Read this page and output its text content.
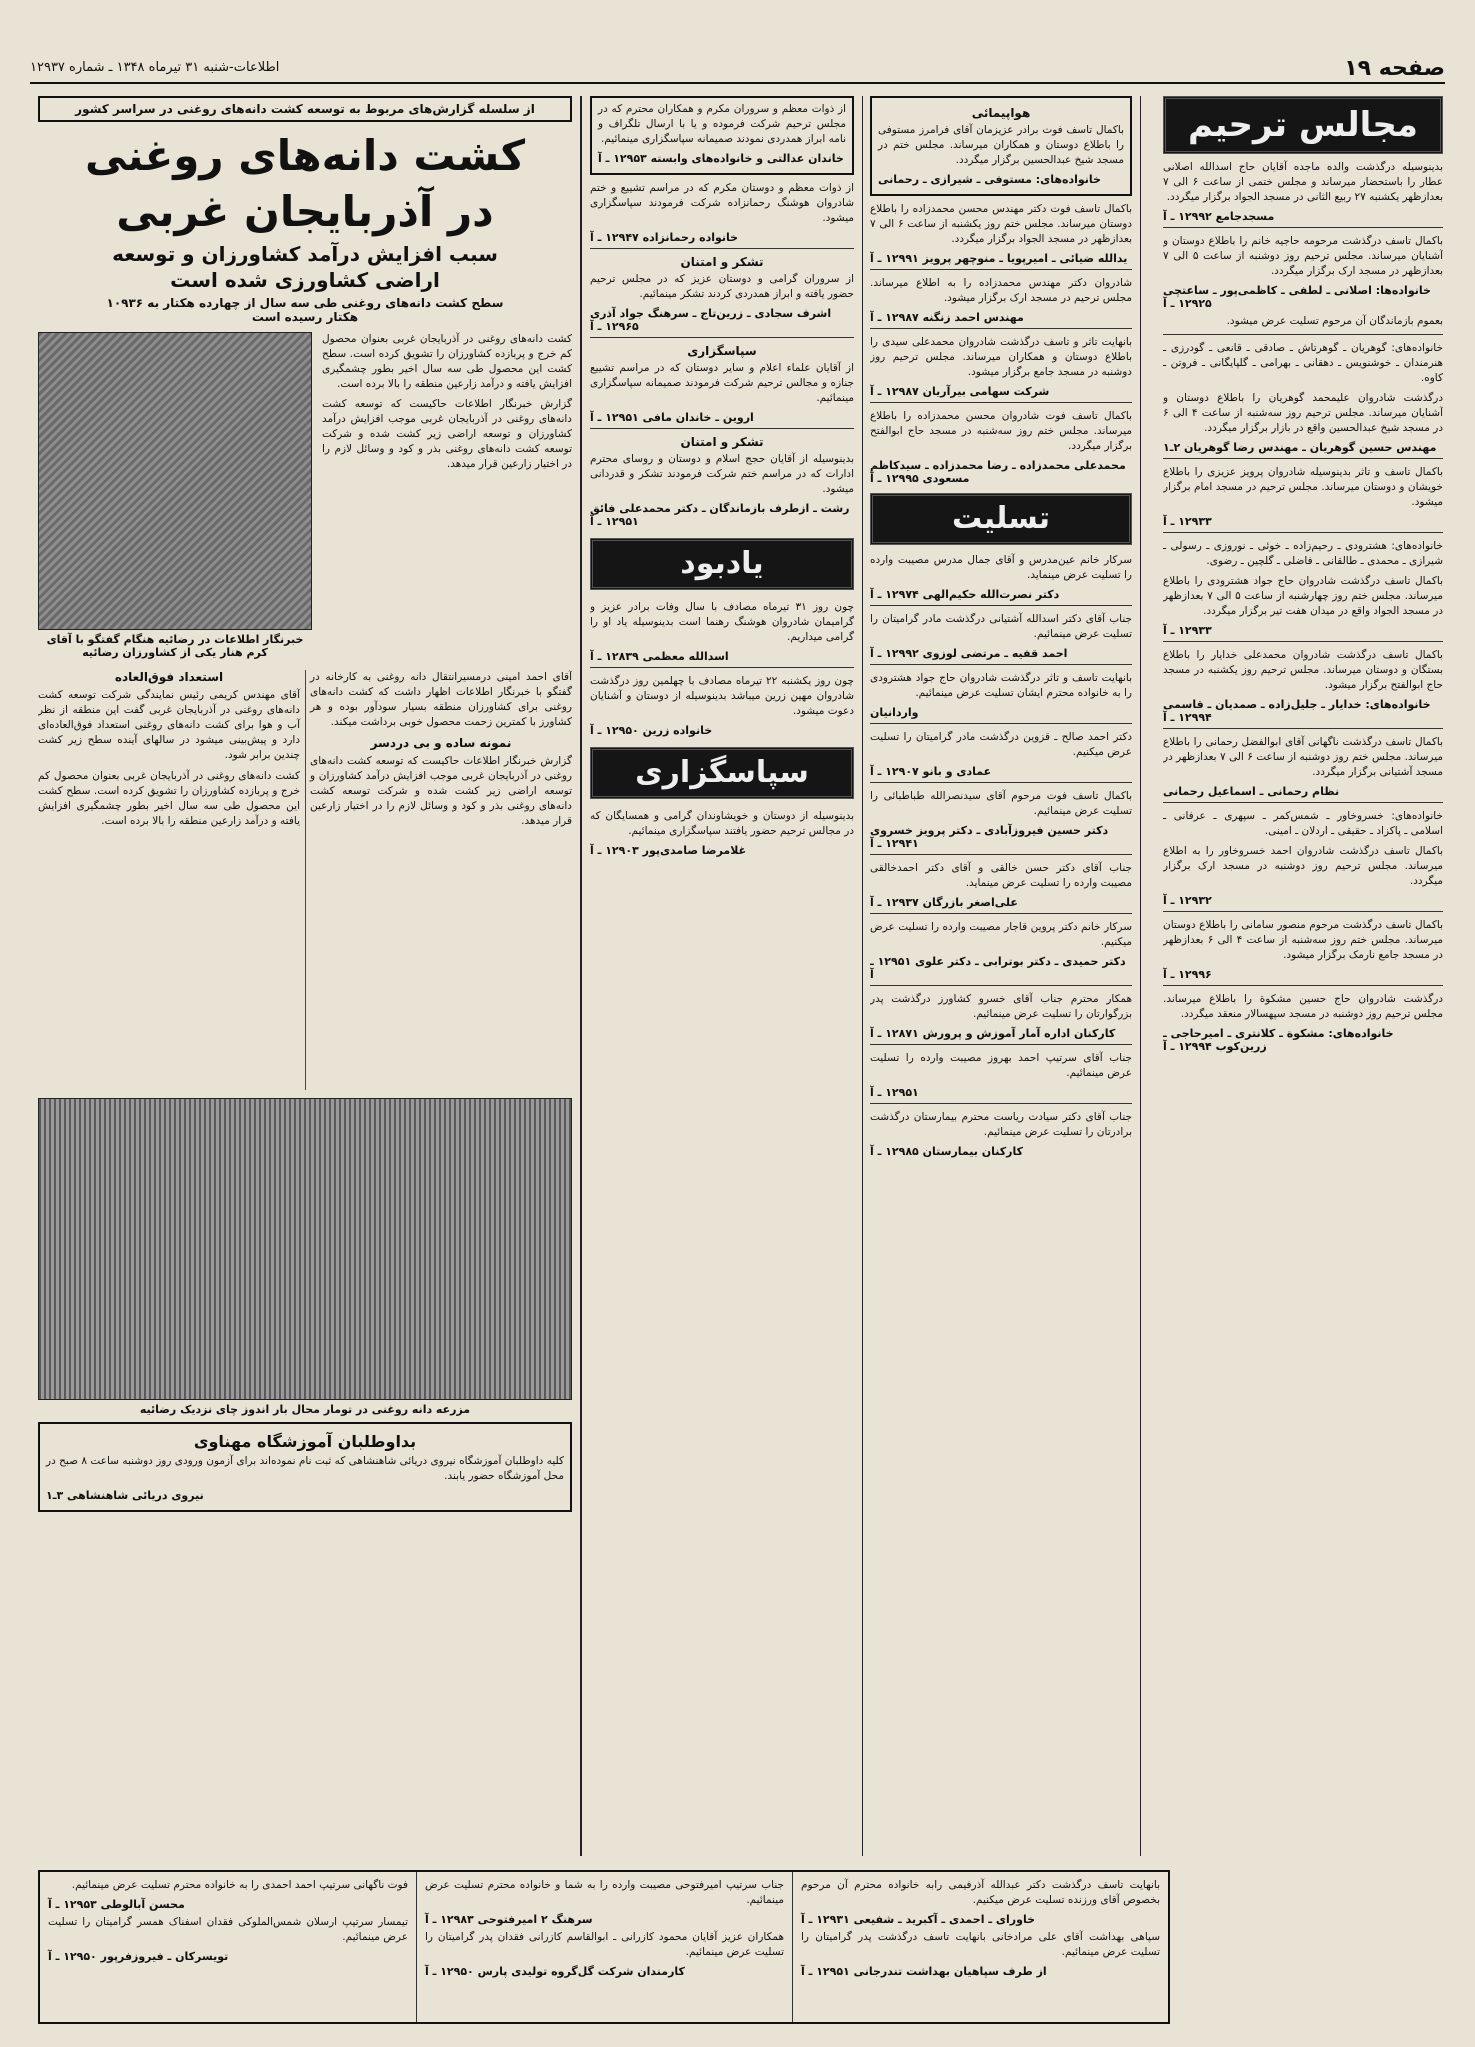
صفحه ۱۹
اطلاعات-شنبه ۳۱ تیرماه ۱۳۴۸ ـ شماره ۱۲۹۳۷
مجالس ترحیم

بدینوسیله درگذشت والده ماجده آقایان حاج اسدالله اصلانی عطار را باستحضار میرساند و مجلس ختمی از ساعت ۶ الی ۷ بعدازظهر یکشنبه ۲۷ ربیع الثانی در مسجد الجواد برگزار میگردد.

مسجدجامع ۱۲۹۹۲ ـ آ

باکمال تاسف درگذشت مرحومه حاجیه خانم را باطلاع دوستان و آشنایان میرساند. مجلس ترحیم روز دوشنبه از ساعت ۵ الی ۷ بعدازظهر در مسجد ارک برگزار میگردد.

خانواده‌ها: اصلانی ـ لطفی ـ کاظمی‌پور ـ ساعتچی ۱۲۹۲۵ ـ آ

بعموم بازماندگان آن مرحوم تسلیت عرض میشود.

خانواده‌های: گوهریان ـ گوهرتاش ـ صادقی ـ قانعی ـ گودرزی ـ هنرمندان ـ خوشنویس ـ دهقانی ـ بهرامی ـ گلپایگانی ـ فروتن ـ کاوه.

درگذشت شادروان علیمحمد گوهریان را باطلاع دوستان و آشنایان میرساند. مجلس ترحیم روز سه‌شنبه از ساعت ۴ الی ۶ در مسجد شیخ عبدالحسین واقع در بازار برگزار میگردد.

مهندس حسین گوهریان ـ مهندس رضا گوهریان ۲ـ۱

باکمال تاسف و تاثر بدینوسیله شادروان پرویز عزیزی را باطلاع خویشان و دوستان میرساند. مجلس ترحیم در مسجد امام برگزار میشود.

۱۲۹۳۳ ـ آ

خانواده‌های: هشترودی ـ رحیم‌زاده ـ خوئی ـ نوروزی ـ رسولی ـ شیرازی ـ محمدی ـ طالقانی ـ فاضلی ـ گلچین ـ رضوی.

باکمال تاسف درگذشت شادروان حاج جواد هشترودی را باطلاع میرساند. مجلس ختم روز چهارشنبه از ساعت ۵ الی ۷ بعدازظهر در مسجد الجواد واقع در میدان هفت تیر برگزار میگردد.

۱۲۹۳۳ ـ آ

باکمال تاسف درگذشت شادروان محمدعلی خدایار را باطلاع بستگان و دوستان میرساند. مجلس ترحیم روز یکشنبه در مسجد حاج ابوالفتح برگزار میشود.

خانواده‌های: خدایار ـ جلیل‌زاده ـ صمدیان ـ قاسمی ۱۲۹۹۴ ـ آ

باکمال تاسف درگذشت ناگهانی آقای ابوالفضل رحمانی را باطلاع میرساند. مجلس ختم روز دوشنبه از ساعت ۶ الی ۷ بعدازظهر در مسجد آشتیانی برگزار میگردد.

نظام رحمانی ـ اسماعیل رحمانی

خانواده‌های: خسروخاور ـ شمس‌کمر ـ سپهری ـ عرفانی ـ اسلامی ـ پاکزاد ـ حقیقی ـ اردلان ـ امینی.

باکمال تاسف درگذشت شادروان احمد خسروخاور را به اطلاع میرساند. مجلس ترحیم روز دوشنبه در مسجد ارک برگزار میگردد.

۱۲۹۳۲ ـ آ

باکمال تاسف درگذشت مرحوم منصور سامانی را باطلاع دوستان میرساند. مجلس ختم روز سه‌شنبه از ساعت ۴ الی ۶ بعدازظهر در مسجد جامع نارمک برگزار میشود.

۱۲۹۹۶ ـ آ

درگذشت شادروان حاج حسین مشکوة را باطلاع میرساند. مجلس ترحیم روز دوشنبه در مسجد سپهسالار منعقد میگردد.

خانواده‌های: مشکوة ـ کلانتری ـ امیرحاجی ـ زرین‌کوب ۱۲۹۹۴ ـ آ

هواپیمائی

باکمال تاسف فوت برادر عزیزمان آقای فرامرز مستوفی را باطلاع دوستان و همکاران میرساند. مجلس ختم در مسجد شیخ عبدالحسین برگزار میگردد.

خانواده‌های: مستوفی ـ شیرازی ـ رحمانی

باکمال تاسف فوت دکتر مهندس محسن محمدزاده را باطلاع دوستان میرساند. مجلس ختم روز یکشنبه از ساعت ۶ الی ۷ بعدازظهر در مسجد الجواد برگزار میگردد.

یدالله ضیائی ـ امیرپویا ـ منوچهر پرویز ۱۲۹۹۱ ـ آ

شادروان دکتر مهندس محمدزاده را به اطلاع میرساند. مجلس ترحیم در مسجد ارک برگزار میشود.

مهندس احمد زنگنه ۱۲۹۸۷ ـ آ

بانهایت تاثر و تاسف درگذشت شادروان محمدعلی سیدی را باطلاع دوستان و همکاران میرساند. مجلس ترحیم روز دوشنبه در مسجد جامع برگزار میشود.

شرکت سهامی بیرآریان ۱۲۹۸۷ ـ آ

باکمال تاسف فوت شادروان محسن محمدزاده را باطلاع میرساند. مجلس ختم روز سه‌شنبه در مسجد حاج ابوالفتح برگزار میگردد.

محمدعلی محمدزاده ـ رضا محمدزاده ـ سیدکاظم مسعودی ۱۲۹۹۵ ـ آ

تسلیت

سرکار خانم عین‌مدرس و آقای جمال مدرس مصیبت وارده را تسلیت عرض مینماید.

دکتر نصرت‌الله حکیم‌الهی ۱۲۹۷۴ ـ آ

جناب آقای دکتر اسدالله آشتیانی درگذشت مادر گرامیتان را تسلیت عرض مینمائیم.

احمد قفیه ـ مرتضی لوزوی ۱۲۹۹۲ ـ آ

بانهایت تاسف و تاثر درگذشت شادروان حاج جواد هشترودی را به خانواده محترم ایشان تسلیت عرض مینمائیم.

واردانیان

دکتر احمد صالح ـ قزوین درگذشت مادر گرامیتان را تسلیت عرض میکنیم.

عمادی و بانو ۱۲۹۰۷ ـ آ

باکمال تاسف فوت مرحوم آقای سیدنصرالله طباطبائی را تسلیت عرض مینمائیم.

دکتر حسین فیروزآبادی ـ دکتر پرویز خسروی ۱۲۹۴۱ ـ آ

جناب آقای دکتر حسن خالقی و آقای دکتر احمدخالقی مصیبت وارده را تسلیت عرض مینماید.

علی‌اصغر بازرگان ۱۲۹۳۷ ـ آ

سرکار خانم دکتر پروین قاجار مصیبت وارده را تسلیت عرض میکنیم.

دکتر حمیدی ـ دکتر بوترابی ـ دکتر علوی ۱۲۹۵۱ ـ آ

همکار محترم جناب آقای خسرو کشاورز درگذشت پدر بزرگوارتان را تسلیت عرض مینمائیم.

کارکنان اداره آمار آموزش و پرورش ۱۲۸۷۱ ـ آ

جناب آقای سرتیپ احمد بهروز مصیبت وارده را تسلیت عرض مینمائیم.

۱۲۹۵۱ ـ آ

جناب آقای دکتر سیادت ریاست محترم بیمارستان درگذشت برادرتان را تسلیت عرض مینمائیم.

کارکنان بیمارستان ۱۲۹۸۵ ـ آ

از ذوات معظم و سروران مکرم و همکاران محترم که در مجلس ترحیم شرکت فرموده و یا با ارسال تلگراف و نامه ابراز همدردی نمودند صمیمانه سپاسگزاری مینمائیم.

خاندان عدالتی و خانواده‌های وابسته ۱۲۹۵۳ ـ آ

از ذوات معظم و دوستان مکرم که در مراسم تشییع و ختم شادروان هوشنگ رحمانزاده شرکت فرمودند سپاسگزاری میشود.

خانواده رحمانزاده ۱۲۹۴۷ ـ آ

تشکر و امتنان

از سروران گرامی و دوستان عزیز که در مجلس ترحیم حضور یافته و ابراز همدردی کردند تشکر مینمائیم.

اشرف سجادی ـ زرین‌تاج ـ سرهنگ جواد آذری ۱۲۹۶۵ ـ آ

سپاسگزاری

از آقایان علماء اعلام و سایر دوستان که در مراسم تشییع جنازه و مجالس ترحیم شرکت فرمودند صمیمانه سپاسگزاری مینمائیم.

اروین ـ خاندان مافی ۱۲۹۵۱ ـ آ

تشکر و امتنان

بدینوسیله از آقایان حجج اسلام و دوستان و روسای محترم ادارات که در مراسم ختم شرکت فرمودند تشکر و قدردانی میشود.

رشت ـ ازطرف بازماندگان ـ دکتر محمدعلی فائق ۱۲۹۵۱ ـ آ

یادبود

چون روز ۳۱ تیرماه مصادف با سال وفات برادر عزیز و گرامیمان شادروان هوشنگ رهنما است بدینوسیله یاد او را گرامی میداریم.

اسدالله معظمی ۱۲۸۳۹ ـ آ

چون روز یکشنبه ۲۲ تیرماه مصادف با چهلمین روز درگذشت شادروان مهین زرین میباشد بدینوسیله از دوستان و آشنایان دعوت میشود.

خانواده زرین ۱۲۹۵۰ ـ آ

سپاسگزاری

بدینوسیله از دوستان و خویشاوندان گرامی و همسایگان که در مجالس ترحیم حضور یافتند سپاسگزاری مینمائیم.

غلامرضا صامدی‌پور ۱۲۹۰۳ ـ آ

از سلسله گزارش‌های مربوط به توسعه کشت دانه‌های روغنی در سراسر کشور
کشت دانه‌های روغنی
در آذربایجان غربی
سبب افزایش درآمد کشاورزان و توسعه
اراضی کشاورزی شده است
سطح کشت دانه‌های روغنی طی سه سال از چهارده هکتار به ۱۰۹۳۶ هکتار رسیده است

کشت دانه‌های روغنی در آذربایجان غربی بعنوان محصول کم خرج و پربازده کشاورزان را تشویق کرده است. سطح کشت این محصول طی سه سال اخیر بطور چشمگیری افزایش یافته و درآمد زارعین منطقه را بالا برده است.

گزارش خبرنگار اطلاعات حاکیست که توسعه کشت دانه‌های روغنی در آذربایجان غربی موجب افزایش درآمد کشاورزان و توسعه اراضی زیر کشت شده و شرکت توسعه کشت دانه‌های روغنی بذر و کود و وسائل لازم را در اختیار زارعین قرار میدهد.

خبرنگار اطلاعات در رضائیه هنگام گفتگو با آقای کرم هنار یکی از کشاورزان رضائیه

آقای احمد امینی درمسیرانتقال دانه روغنی به کارخانه در گفتگو با خبرنگار اطلاعات اظهار داشت که کشت دانه‌های روغنی برای کشاورزان منطقه بسیار سودآور بوده و هر کشاورز با کمترین زحمت محصول خوبی برداشت میکند.

نمونه ساده و بی دردسر

گزارش خبرنگار اطلاعات حاکیست که توسعه کشت دانه‌های روغنی در آذربایجان غربی موجب افزایش درآمد کشاورزان و توسعه اراضی زیر کشت شده و شرکت توسعه کشت دانه‌های روغنی بذر و کود و وسائل لازم را در اختیار زارعین قرار میدهد.

استعداد فوق‌العاده

آقای مهندس کریمی رئیس نمایندگی شرکت توسعه کشت دانه‌های روغنی در آذربایجان غربی گفت این منطقه از نظر آب و هوا برای کشت دانه‌های روغنی استعداد فوق‌العاده‌ای دارد و پیش‌بینی میشود در سالهای آینده سطح زیر کشت چندین برابر شود.

کشت دانه‌های روغنی در آذربایجان غربی بعنوان محصول کم خرج و پربازده کشاورزان را تشویق کرده است. سطح کشت این محصول طی سه سال اخیر بطور چشمگیری افزایش یافته و درآمد زارعین منطقه را بالا برده است.

مزرعه دانه روغنی در تومار محال بار اندوز چای نزدیک رضائیه
بداوطلبان آموزشگاه مهناوی

کلیه داوطلبان آموزشگاه نیروی دریائی شاهنشاهی که ثبت نام نموده‌اند برای آزمون ورودی روز دوشنبه ساعت ۸ صبح در محل آموزشگاه حضور یابند.

نیروی دریائی شاهنشاهی ۳ـ۱

بانهایت تاسف درگذشت دکتر عبدالله آذرفیمی رابه خانواده محترم آن مرحوم بخصوص آقای ورزنده تسلیت عرض میکنیم.

خاورای ـ احمدی ـ آکبرید ـ شفیعی ۱۲۹۳۱ ـ آ

سپاهی بهداشت آقای علی مرادخانی بانهایت تاسف درگذشت پدر گرامیتان را تسلیت عرض مینمائیم.

از طرف سپاهیان بهداشت تندرجانی ۱۲۹۵۱ ـ آ

جناب سرتیپ امیرفتوحی مصیبت وارده را به شما و خانواده محترم تسلیت عرض مینمائیم.

سرهنگ ۲ امیرفتوحی ۱۲۹۸۳ ـ آ

همکاران عزیز آقایان محمود کازرانی ـ ابوالقاسم کازرانی فقدان پدر گرامیتان را تسلیت عرض مینمائیم.

کارمندان شرکت گل‌گروه تولیدی پارس ۱۲۹۵۰ ـ آ

فوت ناگهانی سرتیپ احمد احمدی را به خانواده محترم تسلیت عرض مینمائیم.

محسن آبالوطی ۱۲۹۵۳ ـ آ

تیمسار سرتیپ ارسلان شمس‌الملوکی فقدان اسفناک همسر گرامیتان را تسلیت عرض مینمائیم.

تویسرکان ـ فیروزفرپور ۱۲۹۵۰ ـ آ
